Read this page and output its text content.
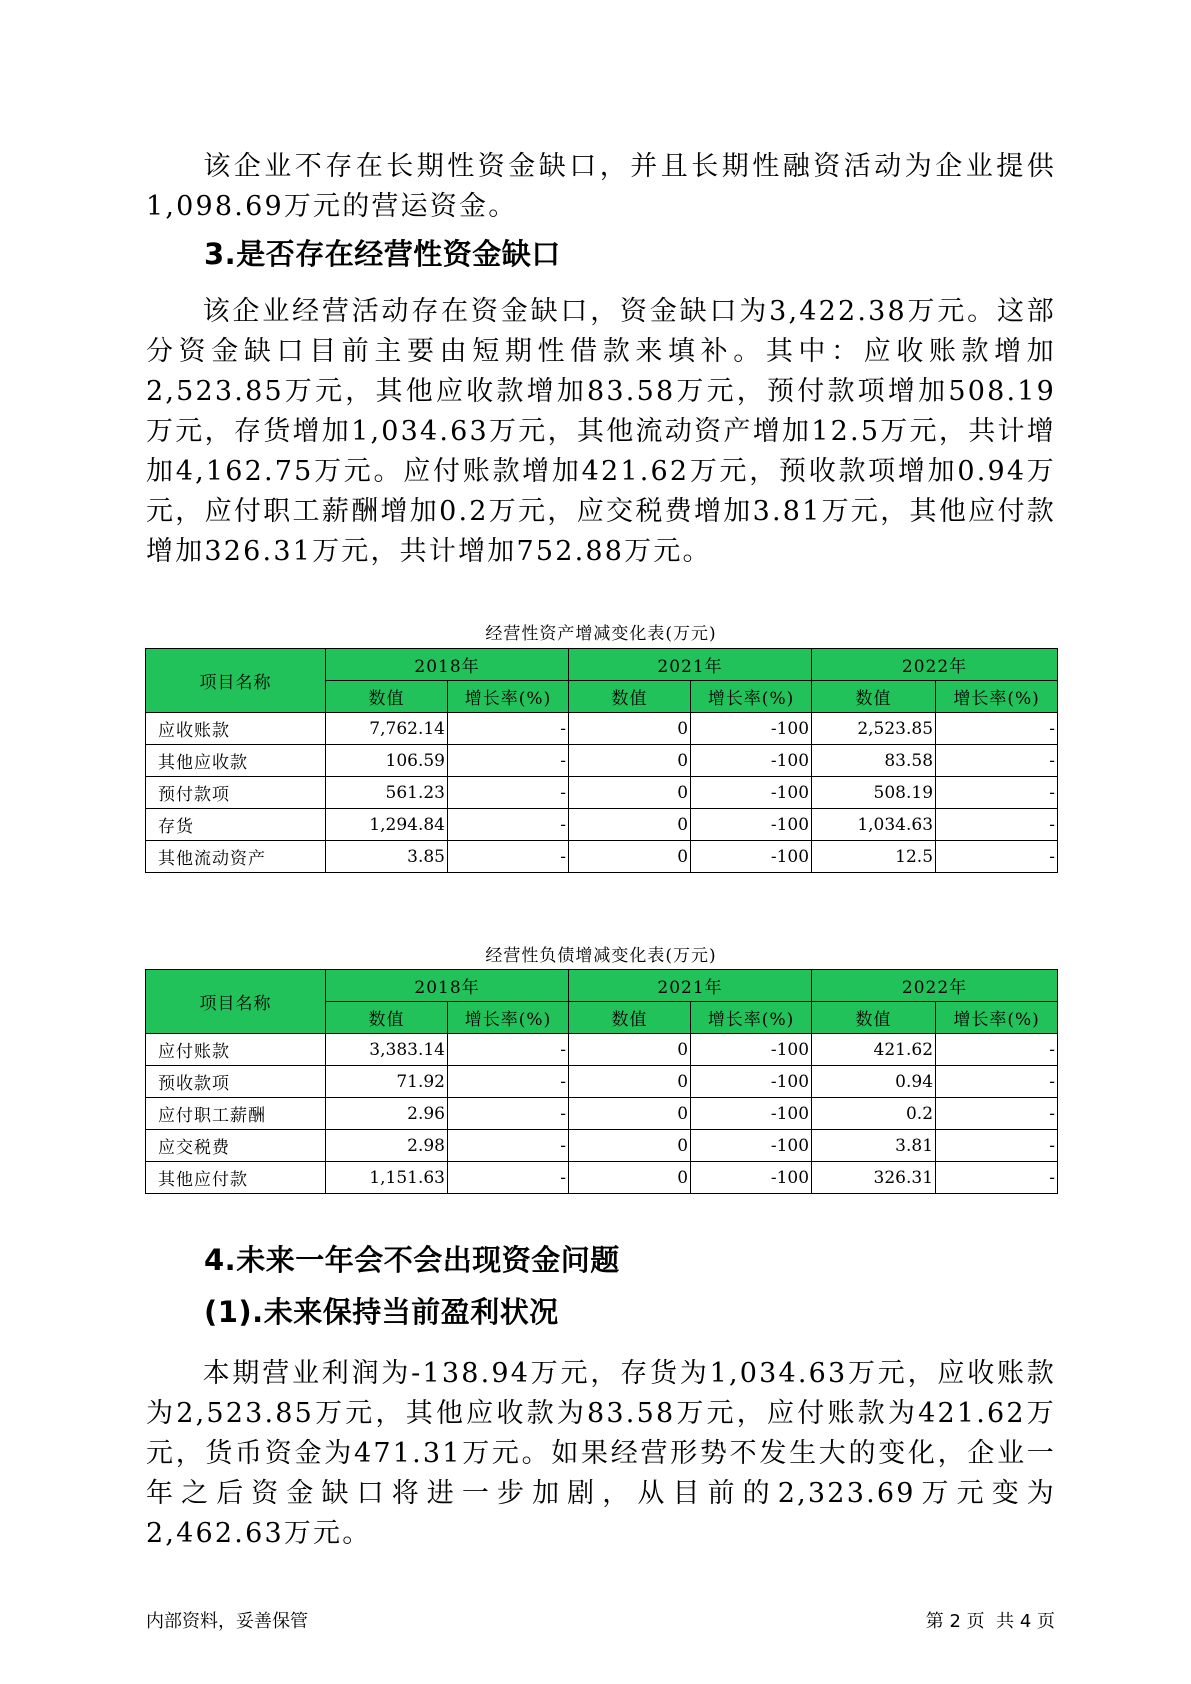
该企业不存在长期性资金缺口，并且长期性融资活动为企业提供1,098.69万元的营运资金。

3.是否存在经营性资金缺口

该企业经营活动存在资金缺口，资金缺口为3,422.38万元。这部分资金缺口目前主要由短期性借款来填补。其中：应收账款增加2,523.85万元，其他应收款增加83.58万元，预付款项增加508.19万元，存货增加1,034.63万元，其他流动资产增加12.5万元，共计增加4,162.75万元。应付账款增加421.62万元，预收款项增加0.94万元，应付职工薪酬增加0.2万元，应交税费增加3.81万元，其他应付款增加326.31万元，共计增加752.88万元。

经营性资产增减变化表(万元)
项目名称	2018年		2021年		2022年	
	数值	增长率(%)	数值	增长率(%)	数值	增长率(%)
应收账款	7,762.14	-	0	-100	2,523.85	-
其他应收款	106.59	-	0	-100	83.58	-
预付款项	561.23	-	0	-100	508.19	-
存货	1,294.84	-	0	-100	1,034.63	-
其他流动资产	3.85	-	0	-100	12.5	-
经营性负债增减变化表(万元)
项目名称	2018年		2021年		2022年	
	数值	增长率(%)	数值	增长率(%)	数值	增长率(%)
应付账款	3,383.14	-	0	-100	421.62	-
预收款项	71.92	-	0	-100	0.94	-
应付职工薪酬	2.96	-	0	-100	0.2	-
应交税费	2.98	-	0	-100	3.81	-
其他应付款	1,151.63	-	0	-100	326.31	-
4.未来一年会不会出现资金问题
(1).未来保持当前盈利状况

本期营业利润为-138.94万元，存货为1,034.63万元，应收账款为2,523.85万元，其他应收款为83.58万元，应付账款为421.62万元，货币资金为471.31万元。如果经营形势不发生大的变化，企业一年之后资金缺口将进一步加剧，从目前的2,323.69万元变为2,462.63万元。

内部资料，妥善保管	第 2 页  共 4 页
